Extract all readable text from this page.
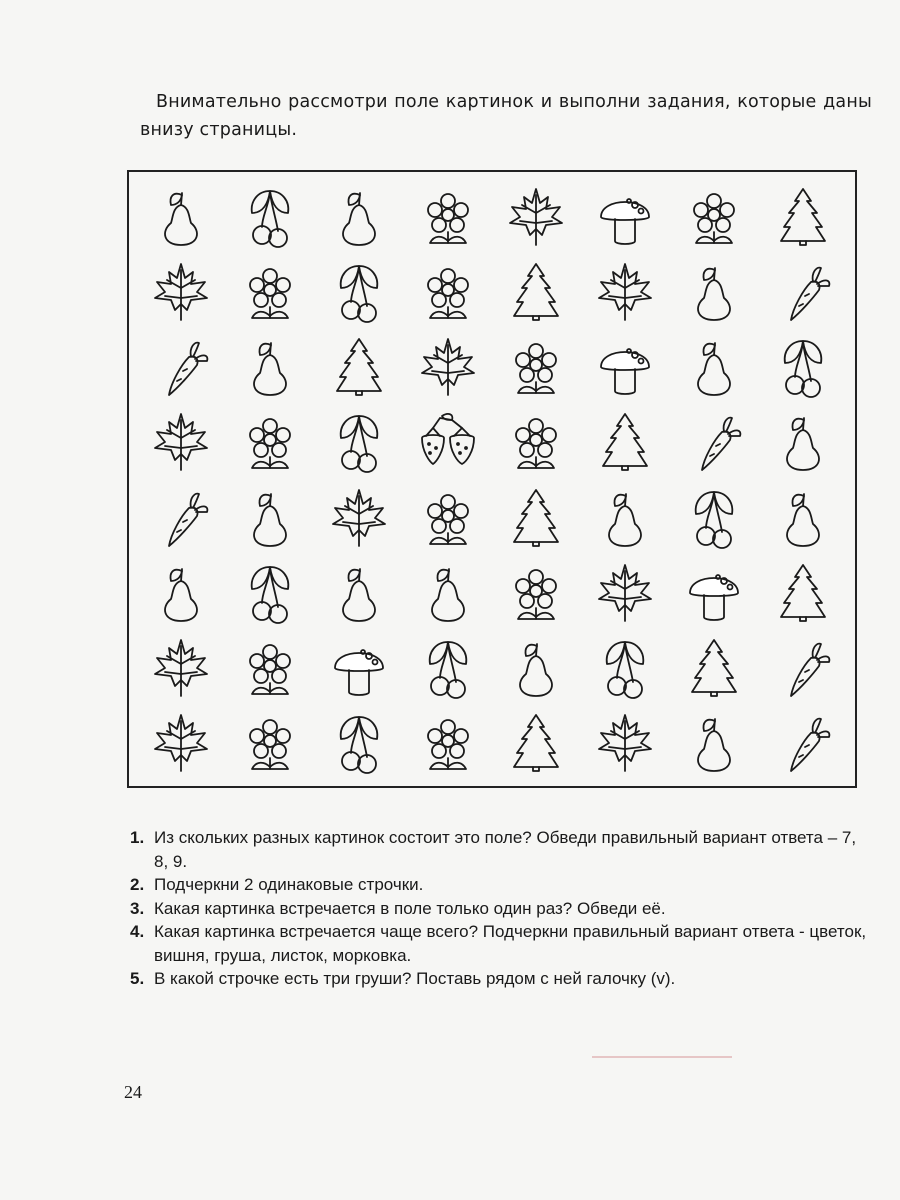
Внимательно рассмотри поле картинок и выполни задания, которые даны внизу страницы.
1. Из скольких разных картинок состоит это поле? Обведи правильный вариант ответа – 7, 8, 9.
2. Подчеркни 2 одинаковые строчки.
3. Какая картинка встречается в поле только один раз? Обведи её.
4. Какая картинка встречается чаще всего? Подчеркни правильный вариант ответа - цветок, вишня, груша, листок, морковка.
5. В какой строчке есть три груши? Поставь рядом с ней галочку (v).
24
